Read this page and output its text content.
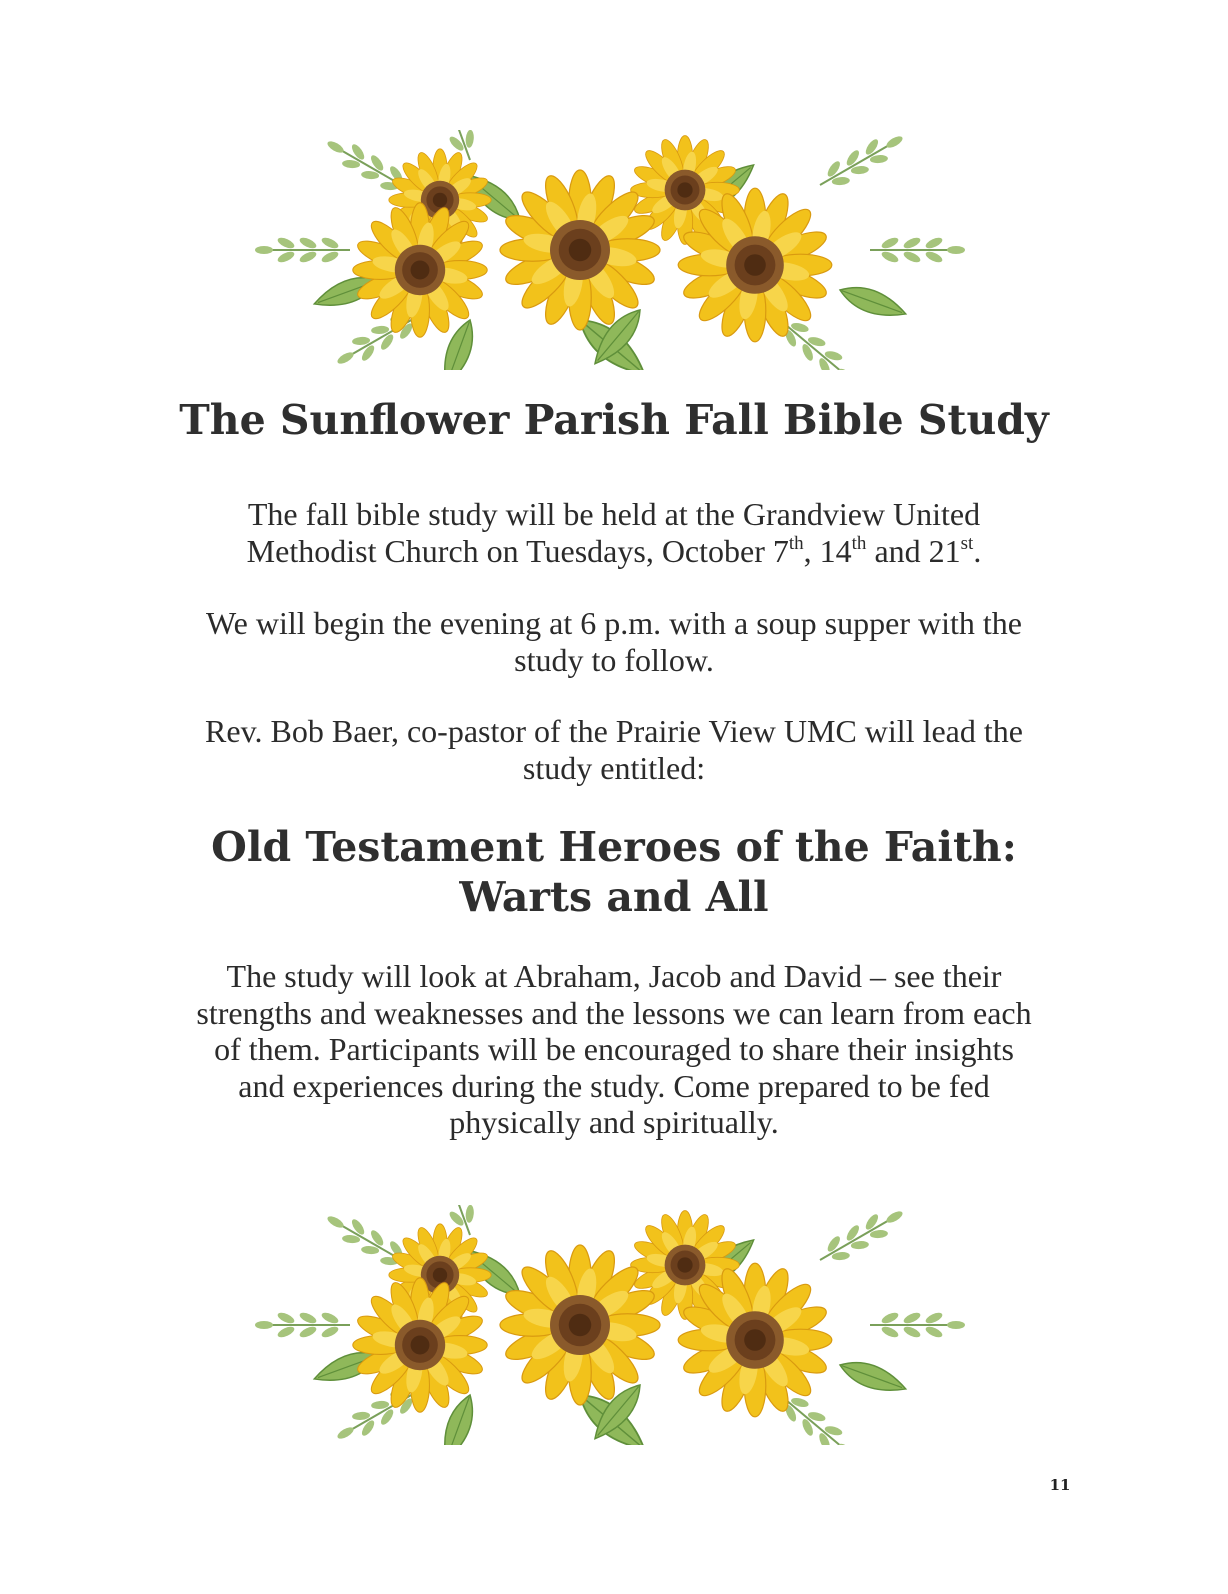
The Sunflower Parish Fall Bible Study

The fall bible study will be held at the Grandview United
Methodist Church on Tuesdays, October 7th, 14th and 21st.

We will begin the evening at 6 p.m. with a soup supper with the
study to follow.

Rev. Bob Baer, co-pastor of the Prairie View UMC will lead the
study entitled:

Old Testament Heroes of the Faith:
Warts and All

The study will look at Abraham, Jacob and David – see their
strengths and weaknesses and the lessons we can learn from each
of them. Participants will be encouraged to share their insights
and experiences during the study. Come prepared to be fed
physically and spiritually.

11
